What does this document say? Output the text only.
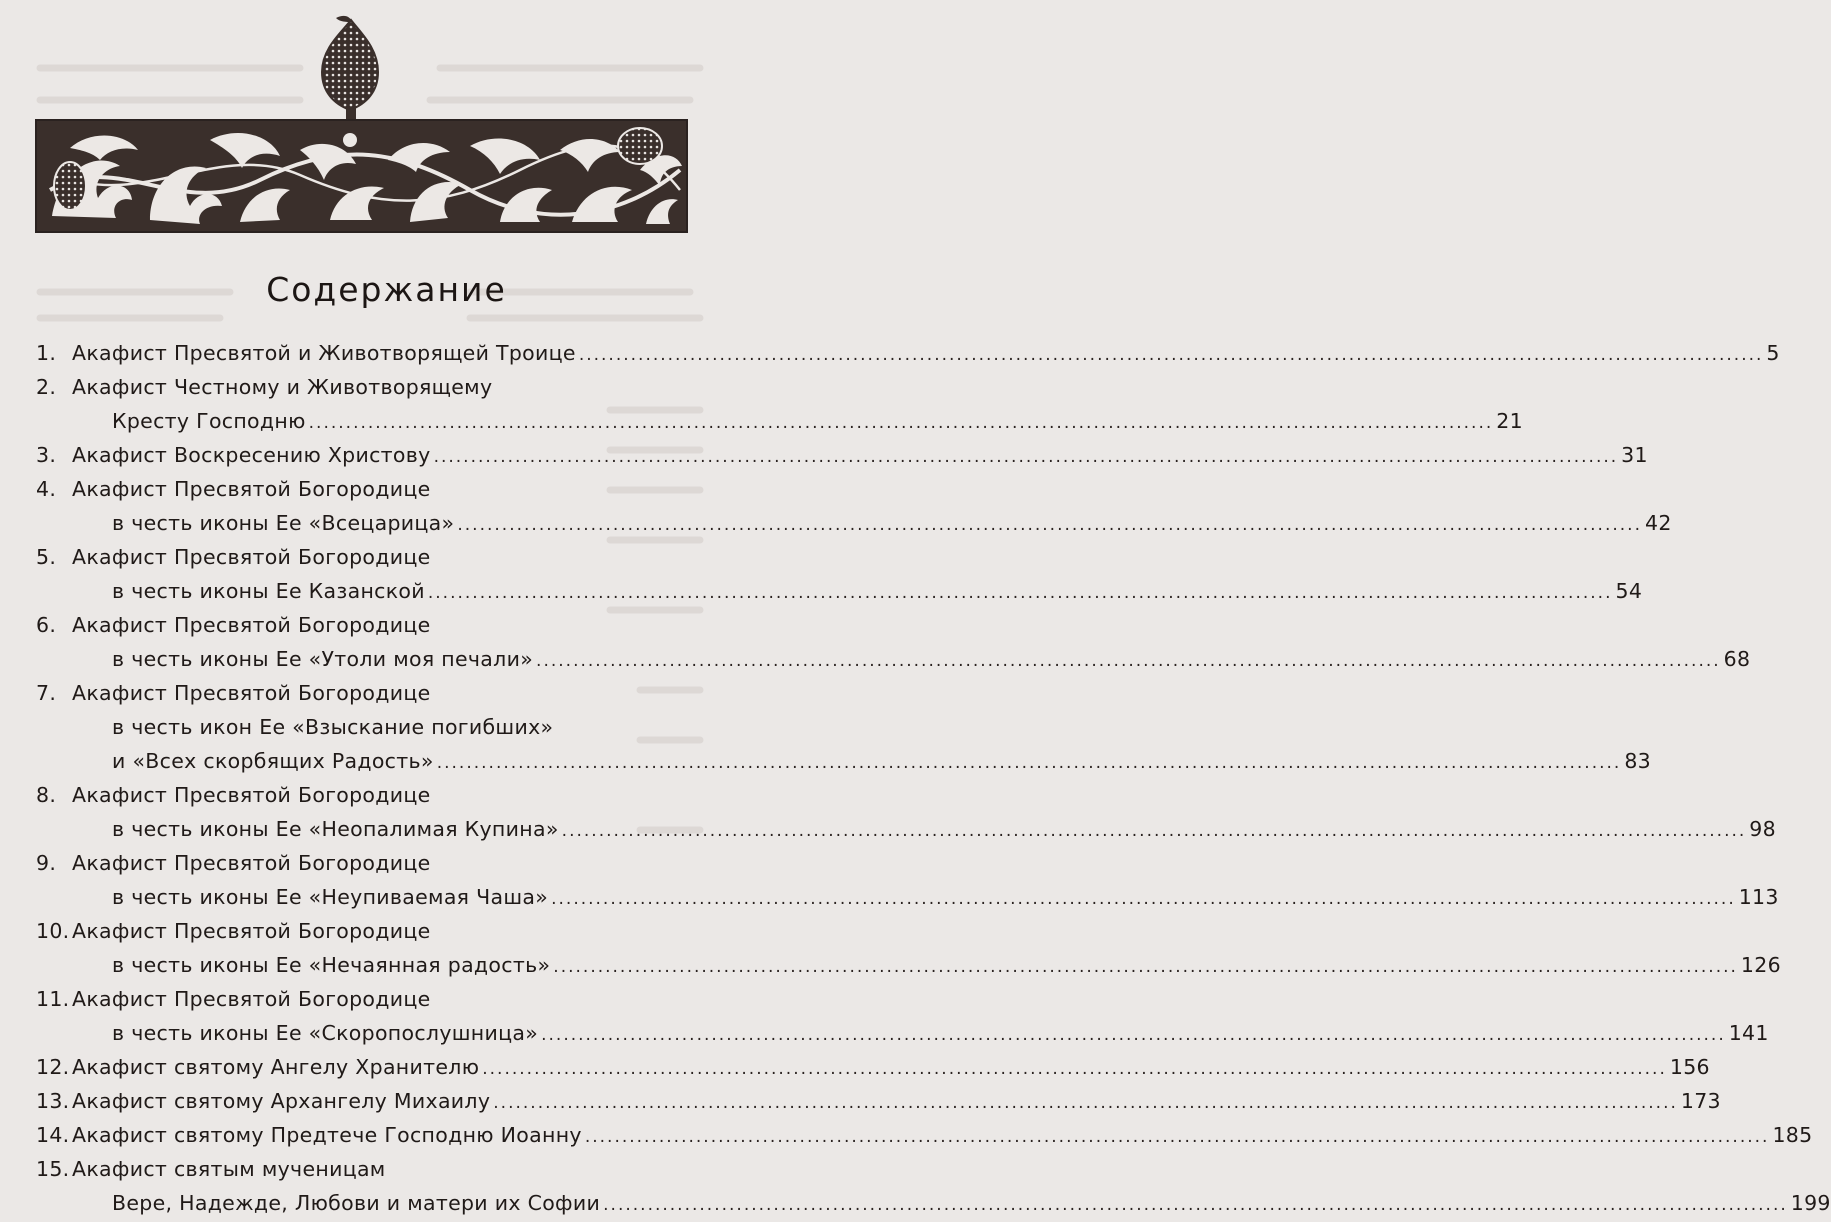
Содержание
1. Акафист Пресвятой и Животворящей Троице ................................................................................................................................................................ 5
2. Акафист Честному и Животворящему
Кресту Господню ................................................................................................................................................................ 21
3. Акафист Воскресению Христову ................................................................................................................................................................ 31
4. Акафист Пресвятой Богородице
в честь иконы Ее «Всецарица» ................................................................................................................................................................ 42
5. Акафист Пресвятой Богородице
в честь иконы Ее Казанской ................................................................................................................................................................ 54
6. Акафист Пресвятой Богородице
в честь иконы Ее «Утоли моя печали» ................................................................................................................................................................ 68
7. Акафист Пресвятой Богородице
в честь икон Ее «Взыскание погибших»
и «Всех скорбящих Радость» ................................................................................................................................................................ 83
8. Акафист Пресвятой Богородице
в честь иконы Ее «Неопалимая Купина» ................................................................................................................................................................ 98
9. Акафист Пресвятой Богородице
в честь иконы Ее «Неупиваемая Чаша» ................................................................................................................................................................ 113
10. Акафист Пресвятой Богородице
в честь иконы Ее «Нечаянная радость» ................................................................................................................................................................ 126
11. Акафист Пресвятой Богородице
в честь иконы Ее «Скоропослушница» ................................................................................................................................................................ 141
12. Акафист святому Ангелу Хранителю ................................................................................................................................................................ 156
13. Акафист святому Архангелу Михаилу ................................................................................................................................................................ 173
14. Акафист святому Предтече Господню Иоанну ................................................................................................................................................................ 185
15. Акафист святым мученицам
Вере, Надежде, Любови и матери их Софии ................................................................................................................................................................ 199
